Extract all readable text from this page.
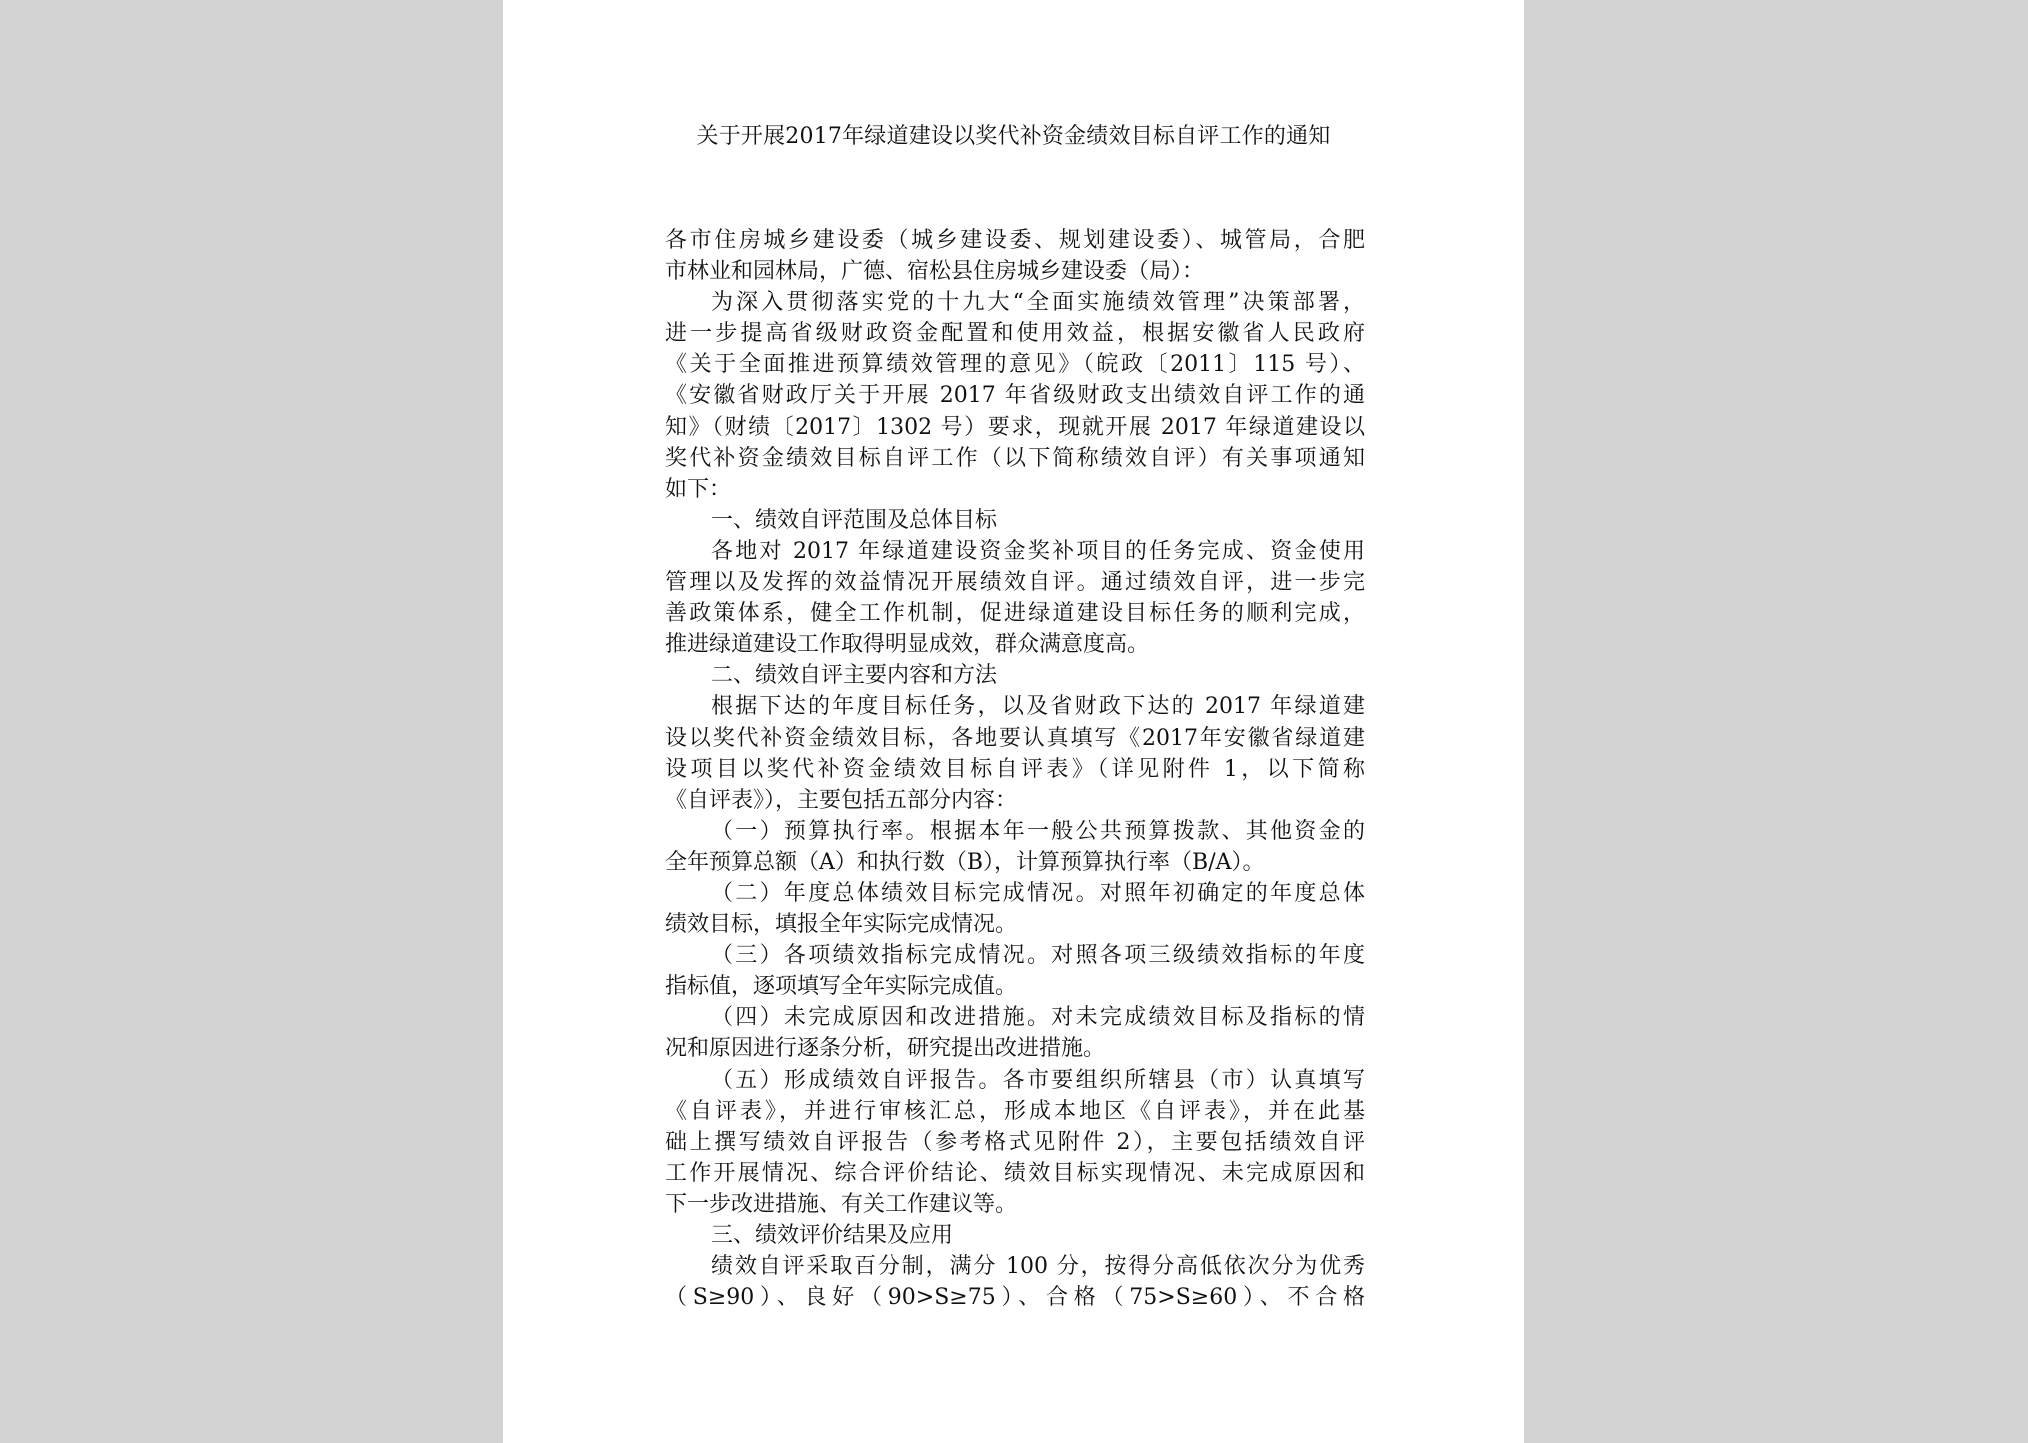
关于开展2017年绿道建设以奖代补资金绩效目标自评工作的通知
各市住房城乡建设委（城乡建设委、规划建设委）、城管局，合肥
市林业和园林局，广德、宿松县住房城乡建设委（局）：
为深入贯彻落实党的十九大“全面实施绩效管理”决策部署，
进一步提高省级财政资金配置和使用效益，根据安徽省人民政府
《关于全面推进预算绩效管理的意见》（皖政〔2011〕115 号）、
《安徽省财政厅关于开展 2017 年省级财政支出绩效自评工作的通
知》（财绩〔2017〕1302 号）要求，现就开展 2017 年绿道建设以
奖代补资金绩效目标自评工作（以下简称绩效自评）有关事项通知
如下：
一、绩效自评范围及总体目标
各地对 2017 年绿道建设资金奖补项目的任务完成、资金使用
管理以及发挥的效益情况开展绩效自评。通过绩效自评，进一步完
善政策体系，健全工作机制，促进绿道建设目标任务的顺利完成，
推进绿道建设工作取得明显成效，群众满意度高。
二、绩效自评主要内容和方法
根据下达的年度目标任务，以及省财政下达的 2017 年绿道建
设以奖代补资金绩效目标，各地要认真填写《2017年安徽省绿道建
设项目以奖代补资金绩效目标自评表》（详见附件 1，以下简称
《自评表》），主要包括五部分内容：
（一）预算执行率。根据本年一般公共预算拨款、其他资金的
全年预算总额（A）和执行数（B），计算预算执行率（B/A）。
（二）年度总体绩效目标完成情况。对照年初确定的年度总体
绩效目标，填报全年实际完成情况。
（三）各项绩效指标完成情况。对照各项三级绩效指标的年度
指标值，逐项填写全年实际完成值。
（四）未完成原因和改进措施。对未完成绩效目标及指标的情
况和原因进行逐条分析，研究提出改进措施。
（五）形成绩效自评报告。各市要组织所辖县（市）认真填写
《自评表》，并进行审核汇总，形成本地区《自评表》，并在此基
础上撰写绩效自评报告（参考格式见附件 2），主要包括绩效自评
工作开展情况、综合评价结论、绩效目标实现情况、未完成原因和
下一步改进措施、有关工作建议等。
三、绩效评价结果及应用
绩效自评采取百分制，满分 100 分，按得分高低依次分为优秀
（S≥90）、良好（90>S≥75）、合格（75>S≥60）、不合格
